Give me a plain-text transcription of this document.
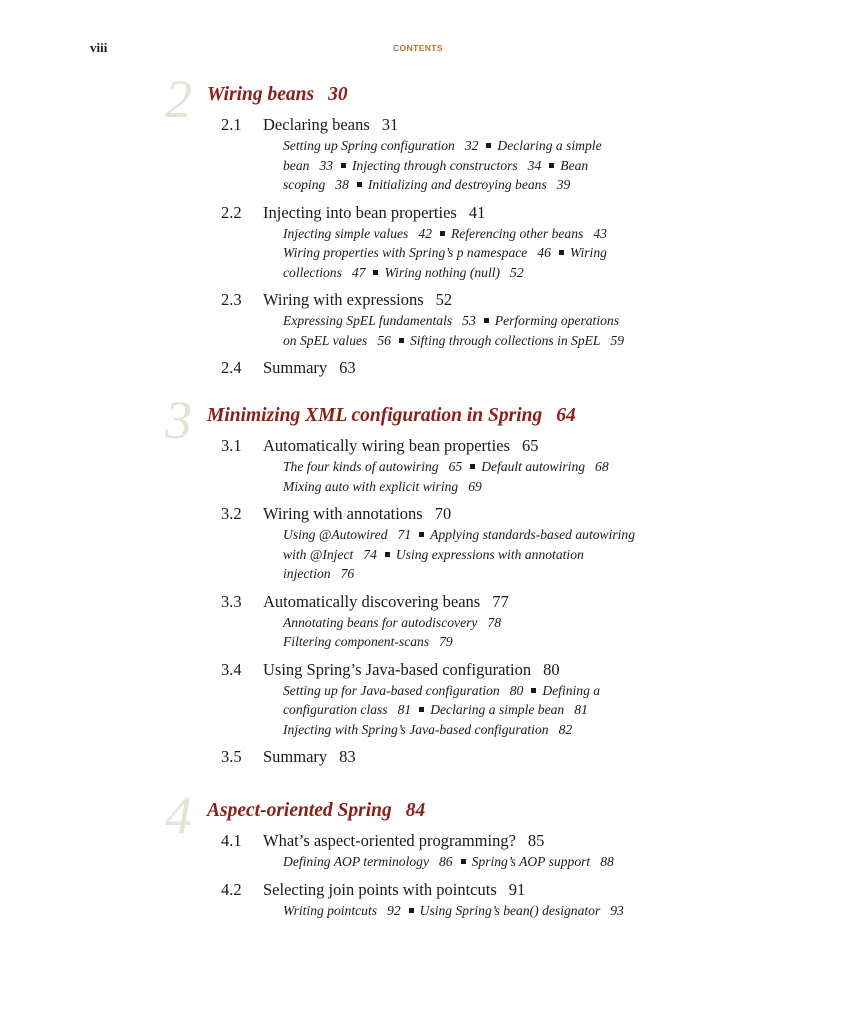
viii	CONTENTS
2 Wiring beans 30
2.1 Declaring beans 31
Setting up Spring configuration 32 Declaring a simple
bean 33 Injecting through constructors 34 Bean
scoping 38 Initializing and destroying beans 39
2.2 Injecting into bean properties 41
Injecting simple values 42 Referencing other beans 43
Wiring properties with Spring’s p namespace 46 Wiring
collections 47 Wiring nothing (null) 52
2.3 Wiring with expressions 52
Expressing SpEL fundamentals 53 Performing operations
on SpEL values 56 Sifting through collections in SpEL 59
2.4 Summary 63
3 Minimizing XML configuration in Spring 64
3.1 Automatically wiring bean properties 65
The four kinds of autowiring 65 Default autowiring 68
Mixing auto with explicit wiring 69
3.2 Wiring with annotations 70
Using @Autowired 71 Applying standards-based autowiring
with @Inject 74 Using expressions with annotation
injection 76
3.3 Automatically discovering beans 77
Annotating beans for autodiscovery 78
Filtering component-scans 79
3.4 Using Spring’s Java-based configuration 80
Setting up for Java-based configuration 80 Defining a
configuration class 81 Declaring a simple bean 81
Injecting with Spring’s Java-based configuration 82
3.5 Summary 83
4 Aspect-oriented Spring 84
4.1 What’s aspect-oriented programming? 85
Defining AOP terminology 86 Spring’s AOP support 88
4.2 Selecting join points with pointcuts 91
Writing pointcuts 92 Using Spring’s bean() designator 93
